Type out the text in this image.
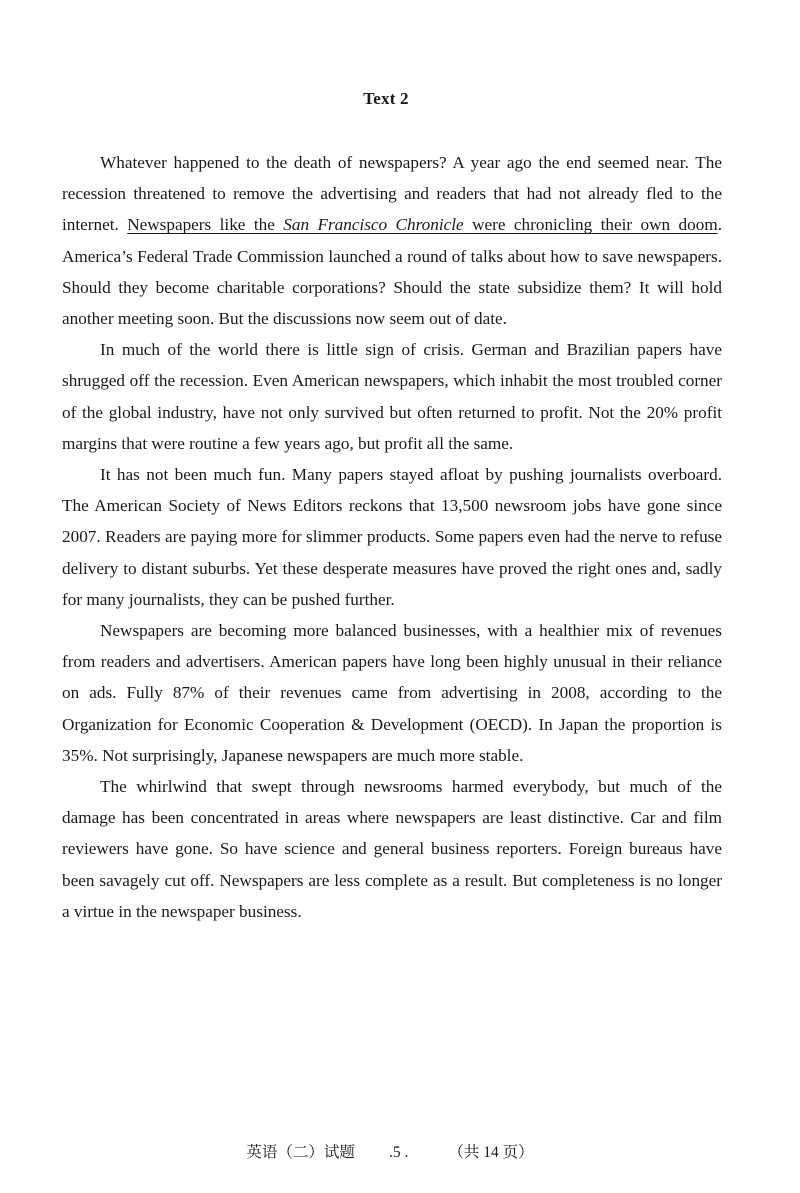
Text 2

Whatever happened to the death of newspapers? A year ago the end seemed near. The recession threatened to remove the advertising and readers that had not already fled to the internet. Newspapers like the San Francisco Chronicle were chronicling their own doom. America’s Federal Trade Commission launched a round of talks about how to save newspapers. Should they become charitable corporations? Should the state subsidize them? It will hold another meeting soon. But the discussions now seem out of date.

In much of the world there is little sign of crisis. German and Brazilian papers have shrugged off the recession. Even American newspapers, which inhabit the most troubled corner of the global industry, have not only survived but often returned to profit. Not the 20% profit margins that were routine a few years ago, but profit all the same.

It has not been much fun. Many papers stayed afloat by pushing journalists overboard. The American Society of News Editors reckons that 13,500 newsroom jobs have gone since 2007. Readers are paying more for slimmer products. Some papers even had the nerve to refuse delivery to distant suburbs. Yet these desperate measures have proved the right ones and, sadly for many journalists, they can be pushed further.

Newspapers are becoming more balanced businesses, with a healthier mix of revenues from readers and advertisers. American papers have long been highly unusual in their reliance on ads. Fully 87% of their revenues came from advertising in 2008, according to the Organization for Economic Cooperation & Development (OECD). In Japan the proportion is 35%. Not surprisingly, Japanese newspapers are much more stable.

The whirlwind that swept through newsrooms harmed everybody, but much of the damage has been concentrated in areas where newspapers are least distinctive. Car and film reviewers have gone. So have science and general business reporters. Foreign bureaus have been savagely cut off. Newspapers are less complete as a result. But completeness is no longer a virtue in the newspaper business.

英语（二）试题 .5 .	（共 14 页）
